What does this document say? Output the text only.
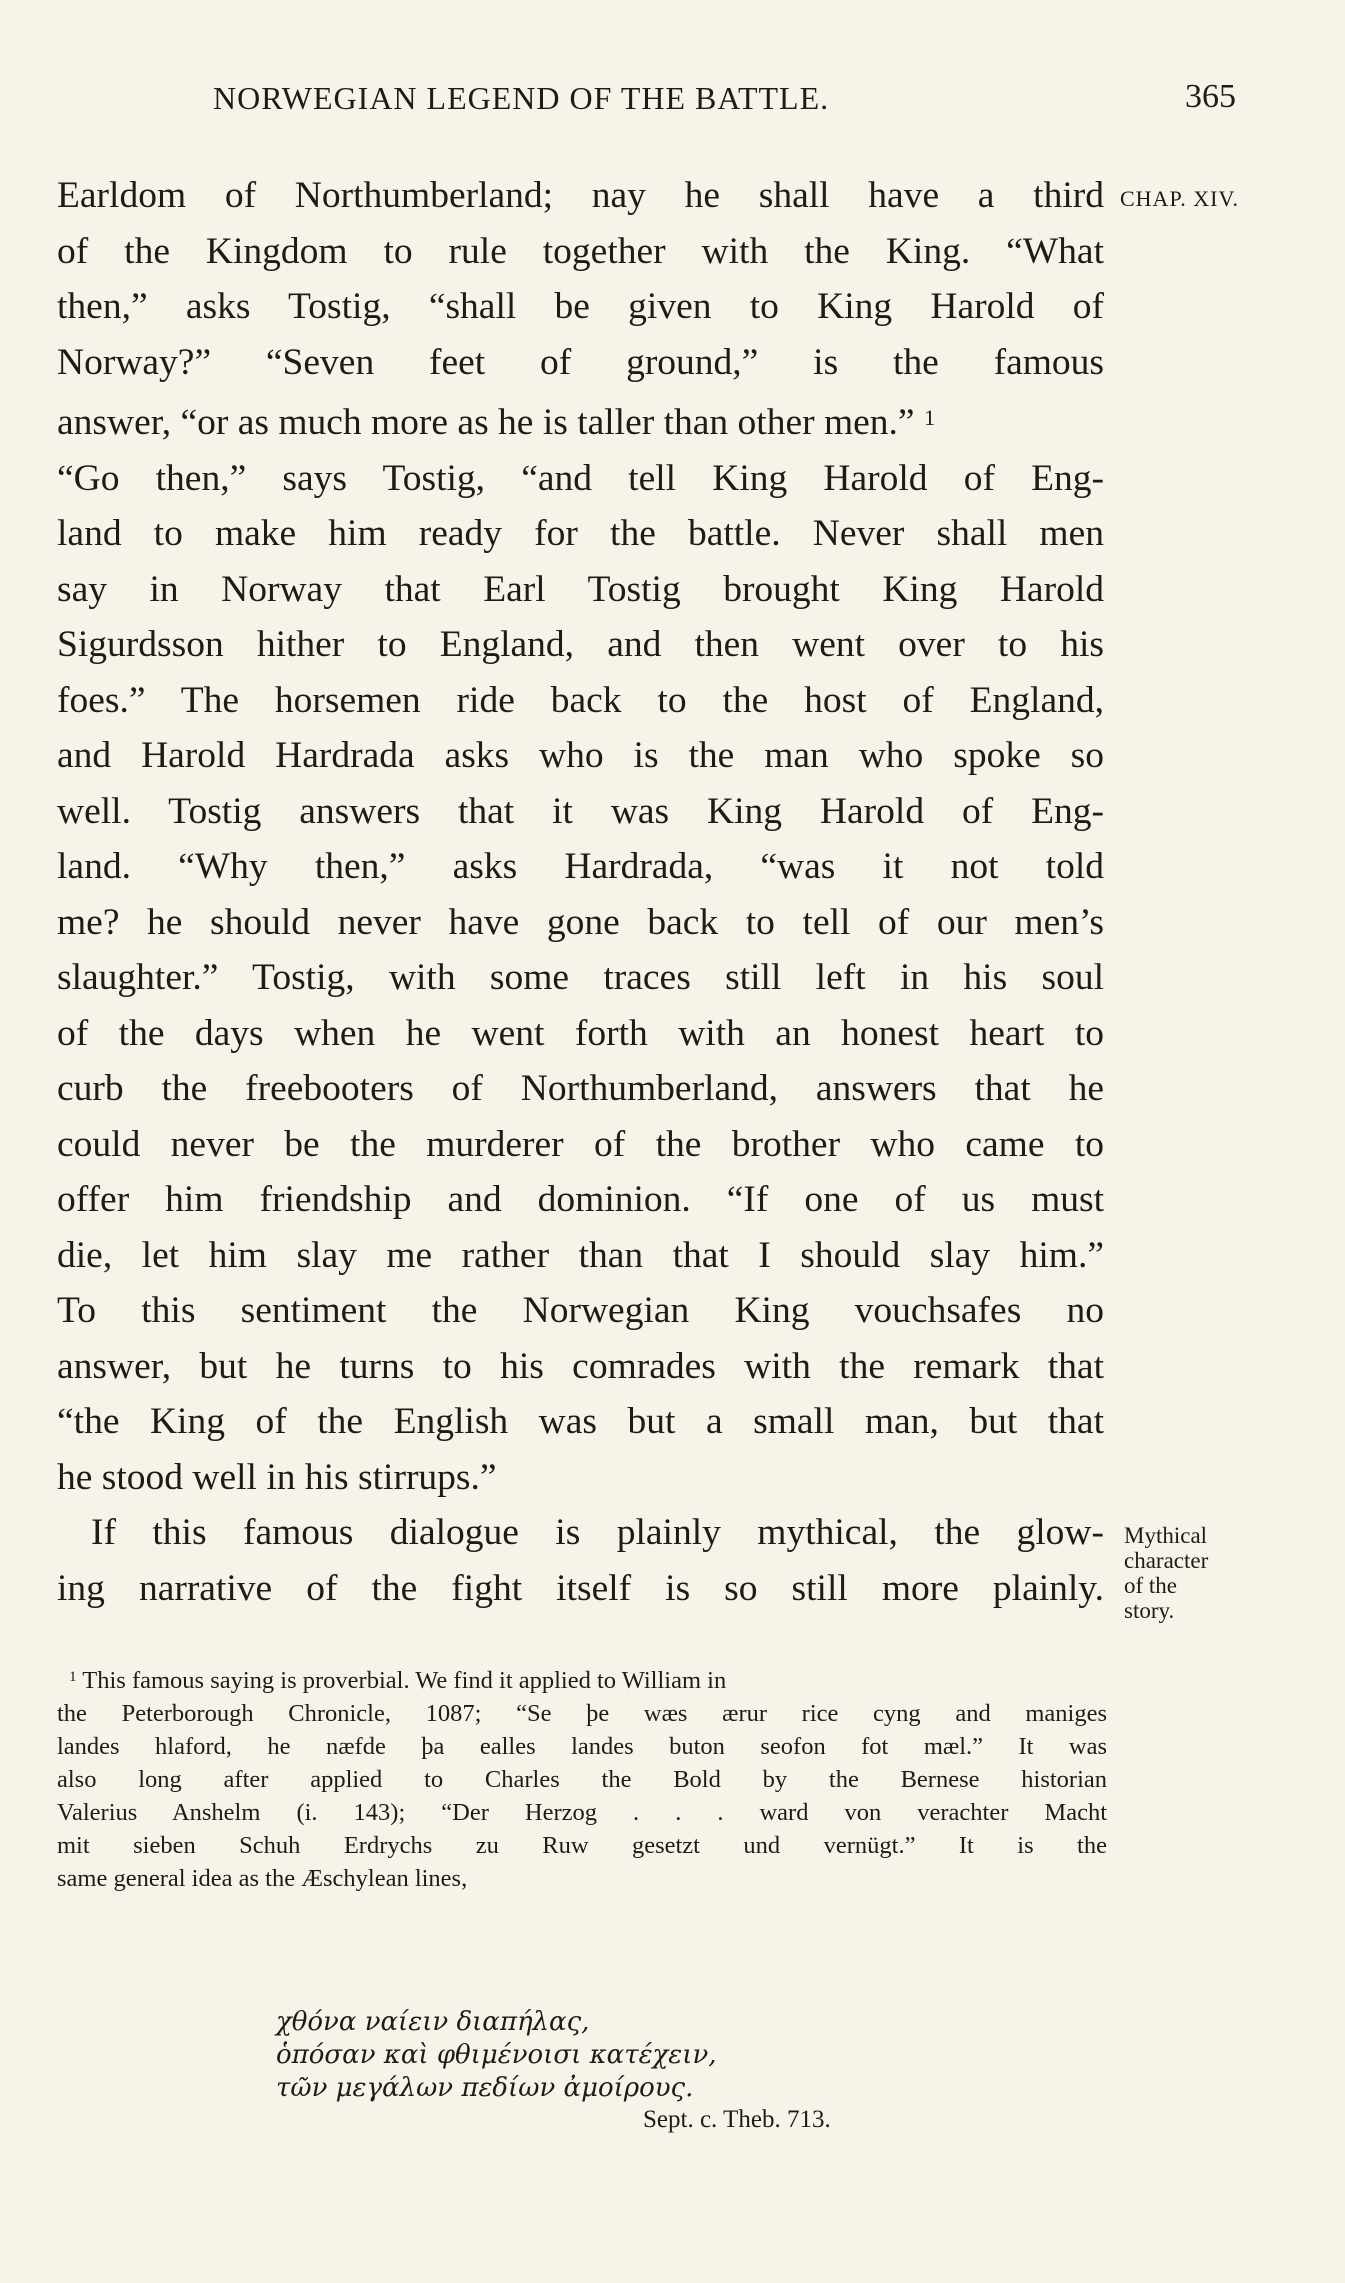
NORWEGIAN LEGEND OF THE BATTLE.	365
CHAP. XIV.
Earldom of Northumberland; nay he shall have a third
of the Kingdom to rule together with the King. “What
then,” asks Tostig, “shall be given to King Harold of
Norway?” “Seven feet of ground,” is the famous
answer, “or as much more as he is taller than other men.” $^1$
“Go then,” says Tostig, “and tell King Harold of Eng-
land to make him ready for the battle. Never shall men
say in Norway that Earl Tostig brought King Harold
Sigurdsson hither to England, and then went over to his
foes.” The horsemen ride back to the host of England,
and Harold Hardrada asks who is the man who spoke so
well. Tostig answers that it was King Harold of Eng-
land. “Why then,” asks Hardrada, “was it not told
me? he should never have gone back to tell of our men’s
slaughter.” Tostig, with some traces still left in his soul
of the days when he went forth with an honest heart to
curb the freebooters of Northumberland, answers that he
could never be the murderer of the brother who came to
offer him friendship and dominion. “If one of us must
die, let him slay me rather than that I should slay him.”
To this sentiment the Norwegian King vouchsafes no
answer, but he turns to his comrades with the remark that
“the King of the English was but a small man, but that
he stood well in his stirrups.”
If this famous dialogue is plainly mythical, the glow-
ing narrative of the fight itself is so still more plainly.
Mythical
character
of the
story.
$^1$ This famous saying is proverbial. We find it applied to William in
the Peterborough Chronicle, 1087; “Se þe wæs ærur rice cyng and maniges
landes hlaford, he næfde þa ealles landes buton seofon fot mæl.” It was
also long after applied to Charles the Bold by the Bernese historian
Valerius Anshelm (i. 143); “Der Herzog . . . ward von verachter Macht
mit sieben Schuh Erdrychs zu Ruw gesetzt und vernügt.” It is the
same general idea as the Æschylean lines,
χθόνα ναίειν διαπήλας,
ὁπόσαν καὶ φθιμένοισι κατέχειν,
τῶν μεγάλων πεδίων ἀμοίρους.
Sept. c. Theb. 713.
